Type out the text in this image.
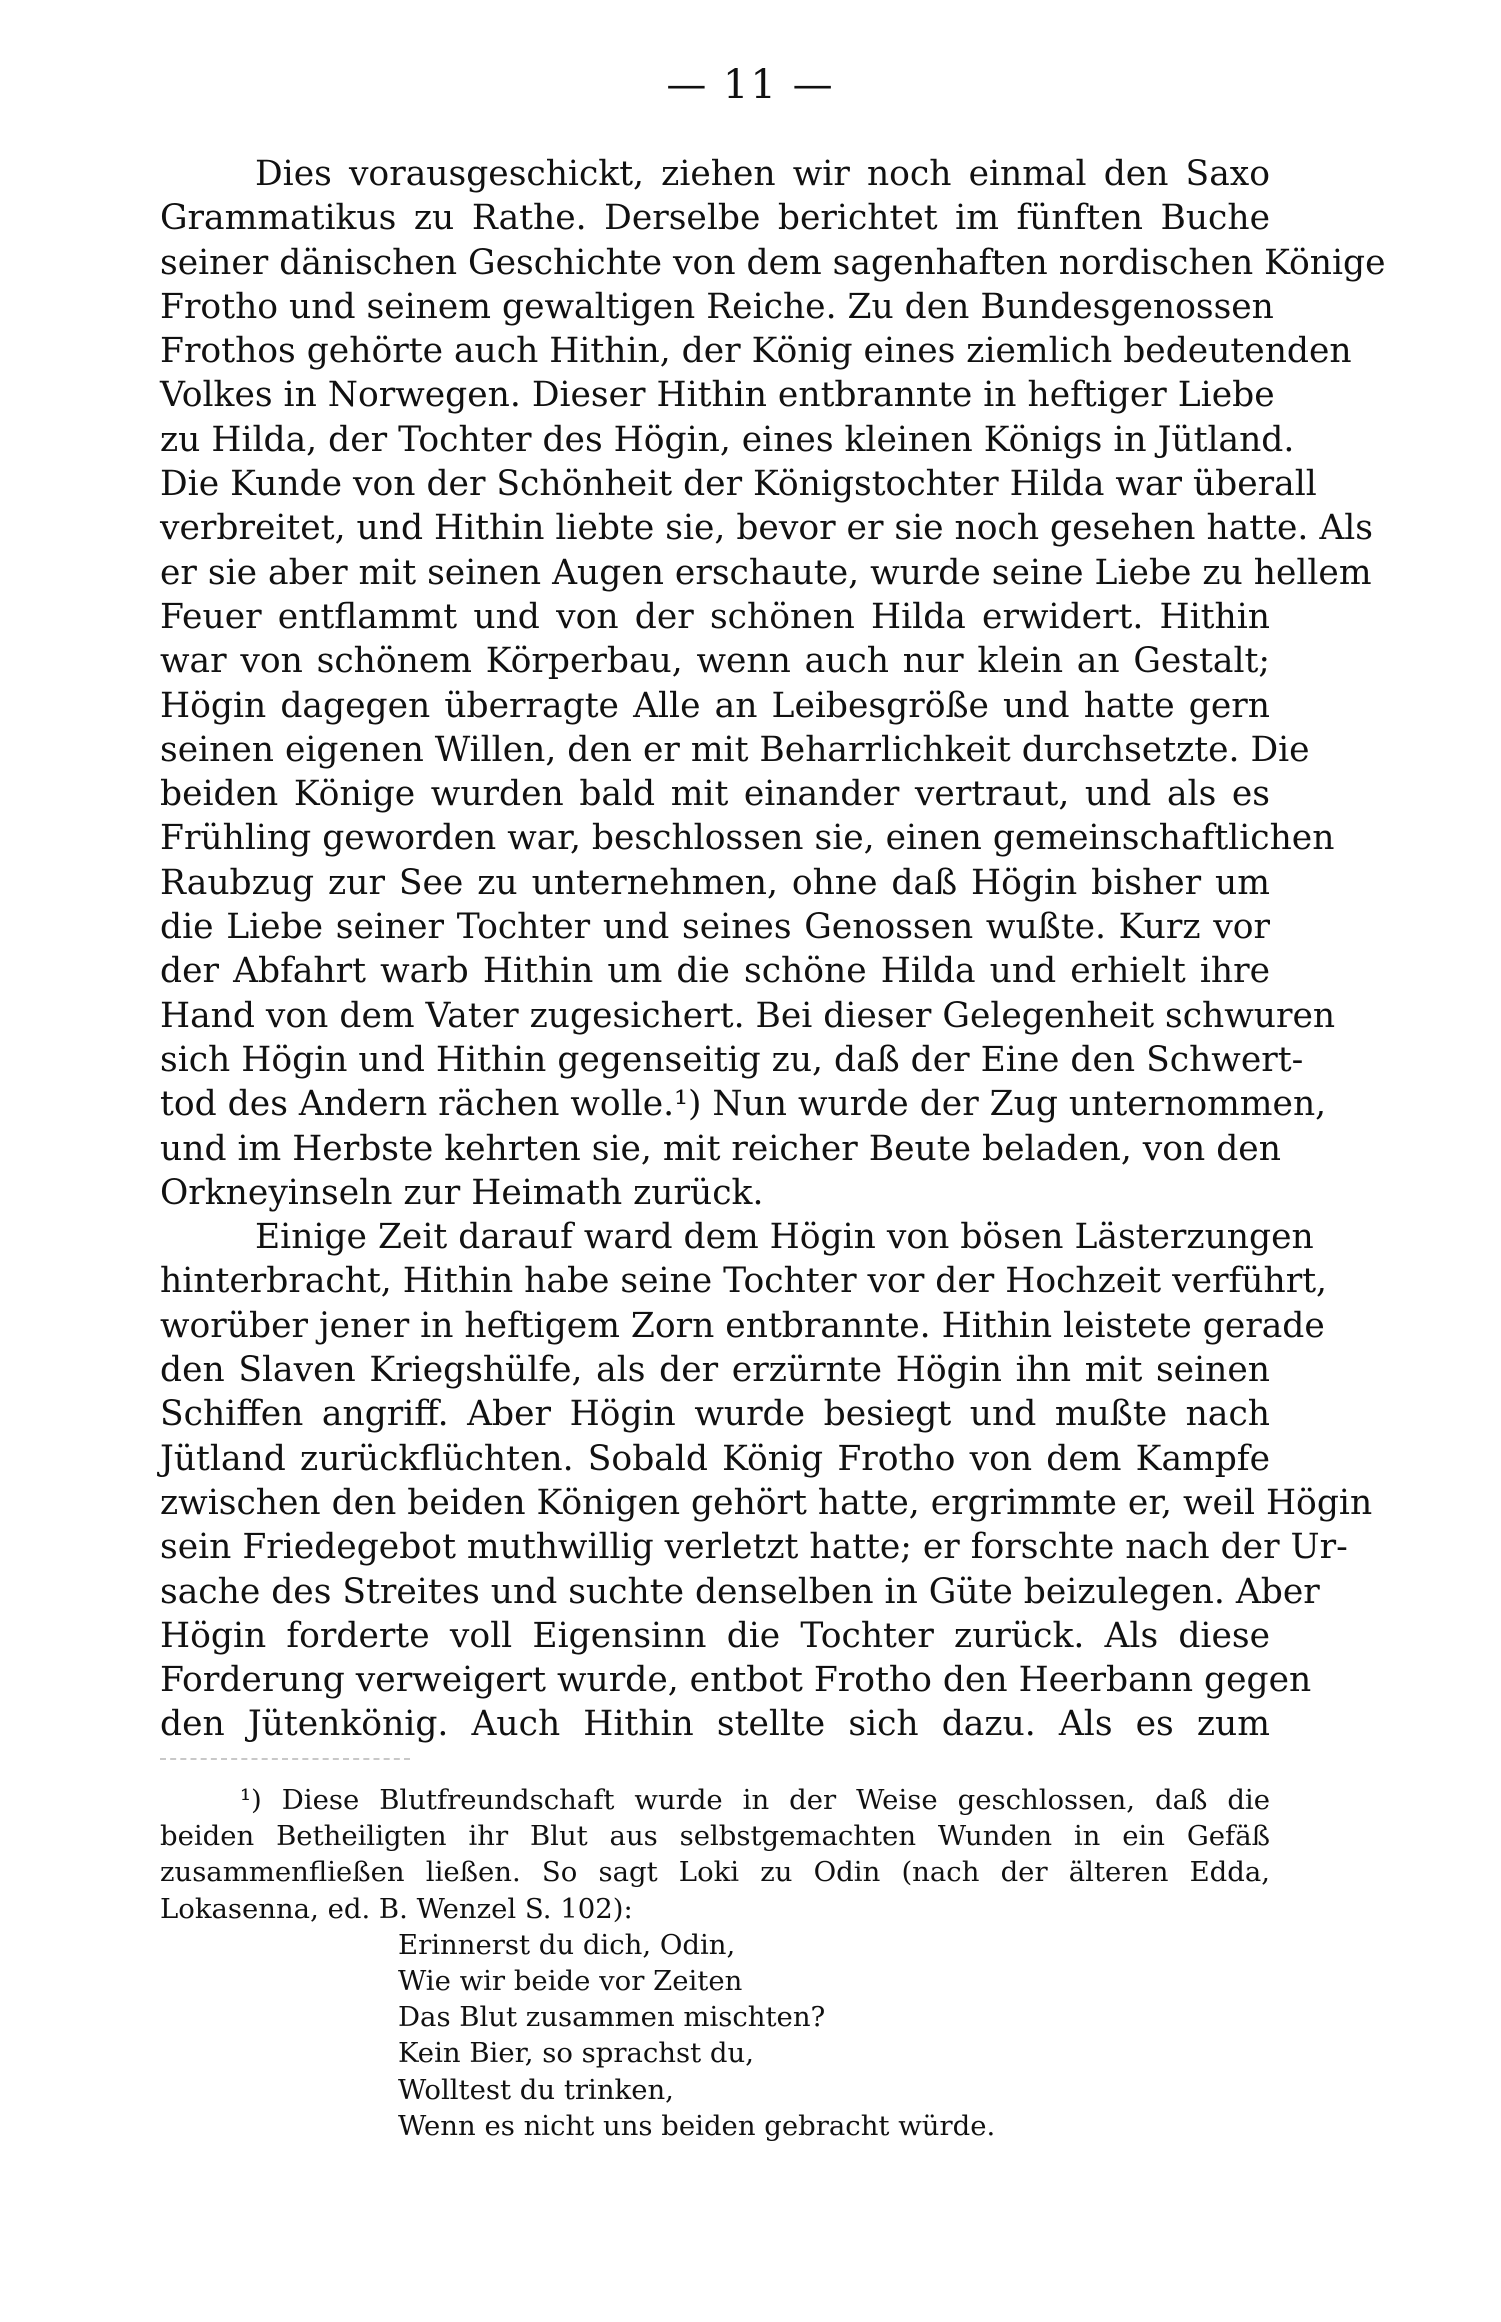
— 11 —
Dies vorausgeschickt, ziehen wir noch einmal den Saxo
Grammatikus zu Rathe. Derselbe berichtet im fünften Buche
seiner dänischen Geschichte von dem sagenhaften nordischen Könige
Frotho und seinem gewaltigen Reiche. Zu den Bundesgenossen
Frothos gehörte auch Hithin, der König eines ziemlich bedeutenden
Volkes in Norwegen. Dieser Hithin entbrannte in heftiger Liebe
zu Hilda, der Tochter des Högin, eines kleinen Königs in Jütland.
Die Kunde von der Schönheit der Königstochter Hilda war überall
verbreitet, und Hithin liebte sie, bevor er sie noch gesehen hatte. Als
er sie aber mit seinen Augen erschaute, wurde seine Liebe zu hellem
Feuer entflammt und von der schönen Hilda erwidert. Hithin
war von schönem Körperbau, wenn auch nur klein an Gestalt;
Högin dagegen überragte Alle an Leibesgröße und hatte gern
seinen eigenen Willen, den er mit Beharrlichkeit durchsetzte. Die
beiden Könige wurden bald mit einander vertraut, und als es
Frühling geworden war, beschlossen sie, einen gemeinschaftlichen
Raubzug zur See zu unternehmen, ohne daß Högin bisher um
die Liebe seiner Tochter und seines Genossen wußte. Kurz vor
der Abfahrt warb Hithin um die schöne Hilda und erhielt ihre
Hand von dem Vater zugesichert. Bei dieser Gelegenheit schwuren
sich Högin und Hithin gegenseitig zu, daß der Eine den Schwert-
tod des Andern rächen wolle.¹) Nun wurde der Zug unternommen,
und im Herbste kehrten sie, mit reicher Beute beladen, von den
Orkneyinseln zur Heimath zurück.
Einige Zeit darauf ward dem Högin von bösen Lästerzungen
hinterbracht, Hithin habe seine Tochter vor der Hochzeit verführt,
worüber jener in heftigem Zorn entbrannte. Hithin leistete gerade
den Slaven Kriegshülfe, als der erzürnte Högin ihn mit seinen
Schiffen angriff. Aber Högin wurde besiegt und mußte nach
Jütland zurückflüchten. Sobald König Frotho von dem Kampfe
zwischen den beiden Königen gehört hatte, ergrimmte er, weil Högin
sein Friedegebot muthwillig verletzt hatte; er forschte nach der Ur-
sache des Streites und suchte denselben in Güte beizulegen. Aber
Högin forderte voll Eigensinn die Tochter zurück. Als diese
Forderung verweigert wurde, entbot Frotho den Heerbann gegen
den Jütenkönig. Auch Hithin stellte sich dazu. Als es zum
¹) Diese Blutfreundschaft wurde in der Weise geschlossen, daß die
beiden Betheiligten ihr Blut aus selbstgemachten Wunden in ein Gefäß
zusammenfließen ließen. So sagt Loki zu Odin (nach der älteren Edda,
Lokasenna, ed. B. Wenzel S. 102):
Erinnerst du dich, Odin,
Wie wir beide vor Zeiten
Das Blut zusammen mischten?
Kein Bier, so sprachst du,
Wolltest du trinken,
Wenn es nicht uns beiden gebracht würde.
